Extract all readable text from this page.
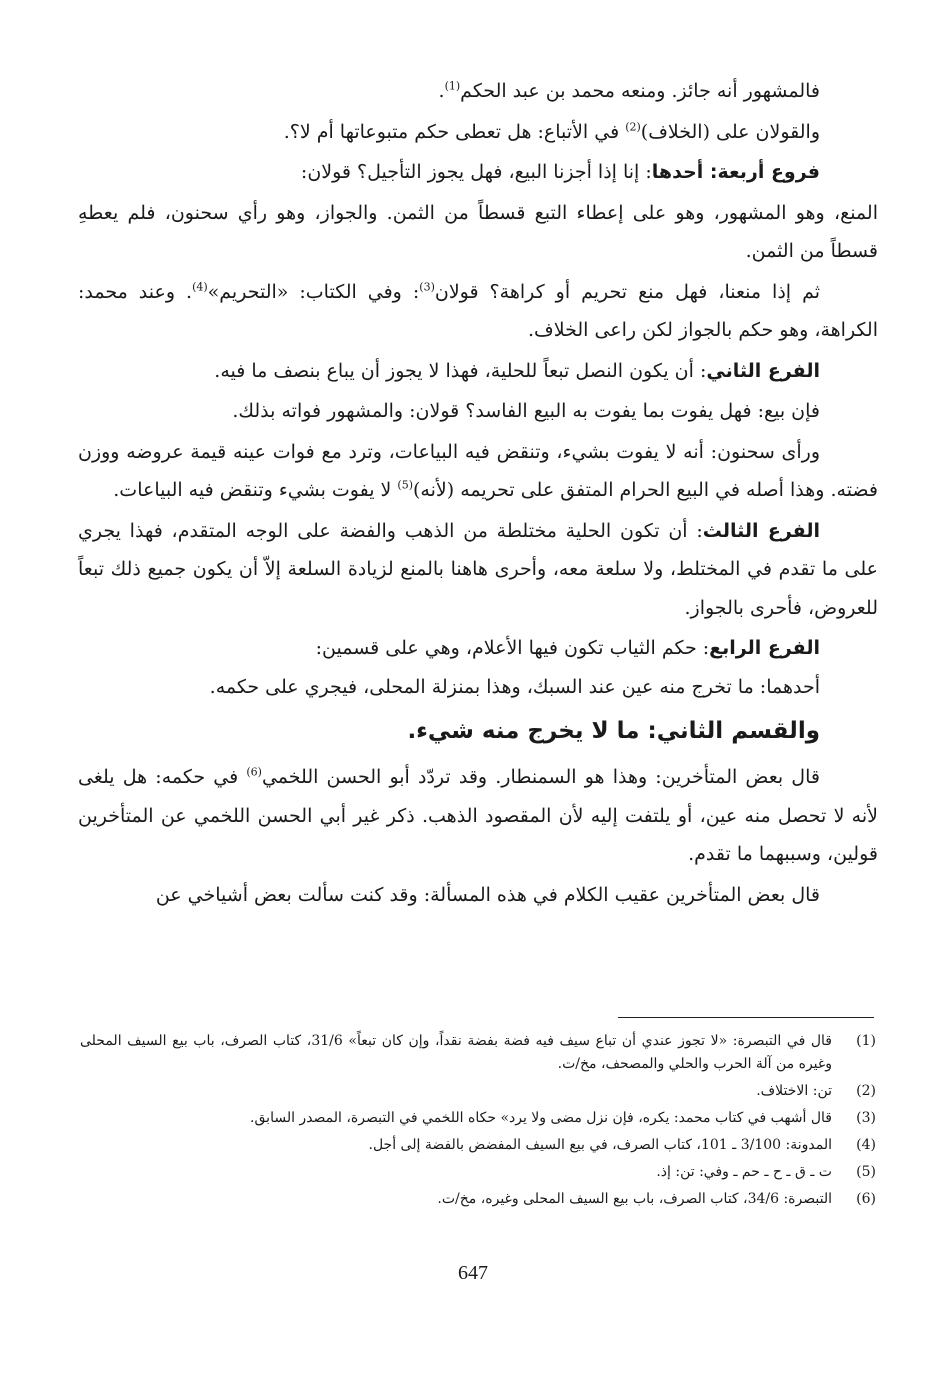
فالمشهور أنه جائز. ومنعه محمد بن عبد الحكم$^{(1)}$.

والقولان على (الخلاف)$^{(2)}$ في الأتباع: هل تعطى حكم متبوعاتها أم لا؟.

فروع أربعة: أحدها: إنا إذا أجزنا البيع، فهل يجوز التأجيل؟ قولان:

المنع، وهو المشهور، وهو على إعطاء التبع قسطاً من الثمن. والجواز، وهو رأي سحنون، فلم يعطهِ قسطاً من الثمن.

ثم إذا منعنا، فهل منع تحريم أو كراهة؟ قولان$^{(3)}$: وفي الكتاب: «التحريم»$^{(4)}$. وعند محمد: الكراهة، وهو حكم بالجواز لكن راعى الخلاف.

الفرع الثاني: أن يكون النصل تبعاً للحلية، فهذا لا يجوز أن يباع بنصف ما فيه.

فإن بيع: فهل يفوت بما يفوت به البيع الفاسد؟ قولان: والمشهور فواته بذلك.

ورأى سحنون: أنه لا يفوت بشيء، وتنقض فيه البياعات، وترد مع فوات عينه قيمة عروضه ووزن فضته. وهذا أصله في البيع الحرام المتفق على تحريمه (لأنه)$^{(5)}$ لا يفوت بشيء وتنقض فيه البياعات.

الفرع الثالث: أن تكون الحلية مختلطة من الذهب والفضة على الوجه المتقدم، فهذا يجري على ما تقدم في المختلط، ولا سلعة معه، وأحرى هاهنا بالمنع لزيادة السلعة إلاّ أن يكون جميع ذلك تبعاً للعروض، فأحرى بالجواز.

الفرع الرابع: حكم الثياب تكون فيها الأعلام، وهي على قسمين:

أحدهما: ما تخرج منه عين عند السبك، وهذا بمنزلة المحلى، فيجري على حكمه.

والقسم الثاني: ما لا يخرج منه شيء.

قال بعض المتأخرين: وهذا هو السمنطار. وقد تردّد أبو الحسن اللخمي$^{(6)}$ في حكمه: هل يلغى لأنه لا تحصل منه عين، أو يلتفت إليه لأن المقصود الذهب. ذكر غير أبي الحسن اللخمي عن المتأخرين قولين، وسببهما ما تقدم.

قال بعض المتأخرين عقيب الكلام في هذه المسألة: وقد كنت سألت بعض أشياخي عن

(1)
قال في التبصرة: «لا تجوز عندي أن تباع سيف فيه فضة بفضة نقداً، وإن كان تبعاً» 31/6، كتاب الصرف، باب بيع السيف المحلى وغيره من آلة الحرب والحلي والمصحف، مخ/ت.
(2)
تن: الاختلاف.
(3)
قال أشهب في كتاب محمد: يكره، فإن نزل مضى ولا يرد» حكاه اللخمي في التبصرة، المصدر السابق.
(4)
المدونة: 3/100 ـ 101، كتاب الصرف، في بيع السيف المفضض بالفضة إلى أجل.
(5)
ت ـ ق ـ ح ـ حم ـ وفي: تن: إذ.
(6)
التبصرة: 34/6، كتاب الصرف، باب بيع السيف المحلى وغيره، مخ/ت.
647
